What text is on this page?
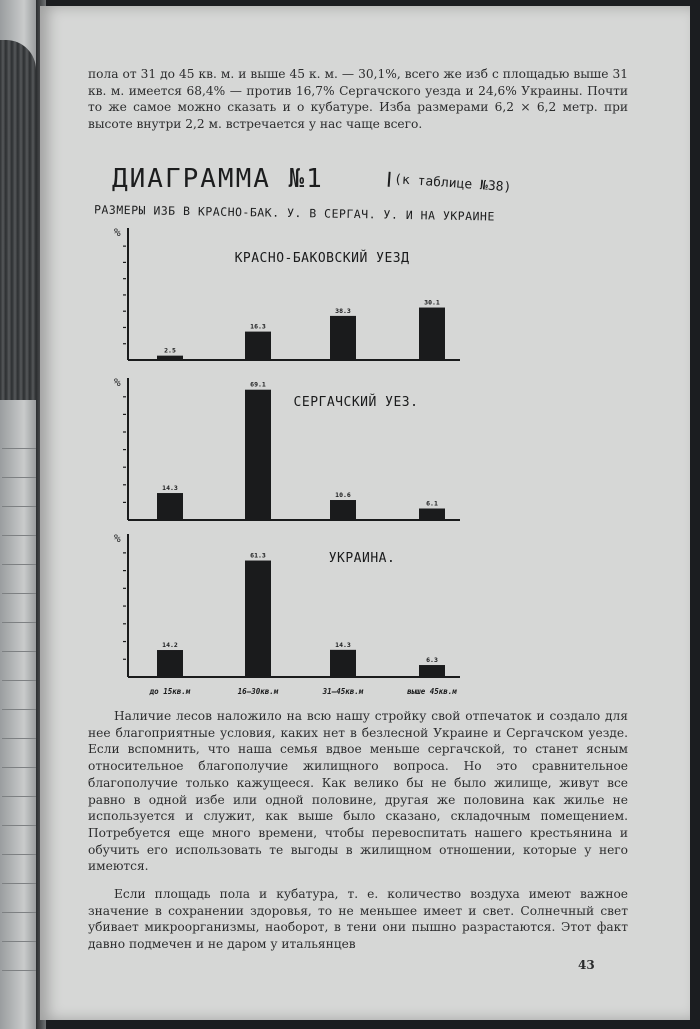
пола от 31 до 45 кв. м. и выше 45 к. м. — 30,1%, всего же изб с площадью выше 31 кв. м. имеется 68,4% — против 16,7% Сергачского уезда и 24,6% Украины. Почти то же самое можно сказать и о кубатуре. Изба размерами 6,2 × 6,2 метр. при высоте внутри 2,2 м. встречается у нас чаще всего.

ДИАГРАММА №1	(к таблице №38)
РАЗМЕРЫ ИЗБ В КРАСНО-БАК. У. В СЕРГАЧ. У. И НА УКРАИНЕ
%
КРАСНО-БАКОВСКИЙ УЕЗД
2.5
16.3
38.3
30.1
%
СЕРГАЧСКИЙ УЕЗ.
14.3
69.1
10.6
6.1
%
УКРАИНА.
14.2
61.3
14.3
6.3
до 15кв.м	16–30кв.м	31–45кв.м	выше 45кв.м

Наличие лесов наложило на всю нашу стройку свой отпечаток и создало для нее благоприятные условия, каких нет в безлесной Украине и Сергачском уезде. Если вспомнить, что наша семья вдвое меньше сергачской, то станет ясным относительное благополучие жилищного вопроса. Но это сравнительное благополучие только кажущееся. Как велико бы не было жилище, живут все равно в одной избе или одной половине, другая же половина как жилье не используется и служит, как выше было сказано, складочным помещением. Потребуется еще много времени, чтобы перевоспитать нашего крестьянина и обучить его использовать те выгоды в жилищном отношении, которые у него имеются.

Если площадь пола и кубатура, т. е. количество воздуха имеют важное значение в сохранении здоровья, то не меньшее имеет и свет. Солнечный свет убивает микроорганизмы, наоборот, в тени они пышно разрастаются. Этот факт давно подмечен и не даром у итальянцев

43
